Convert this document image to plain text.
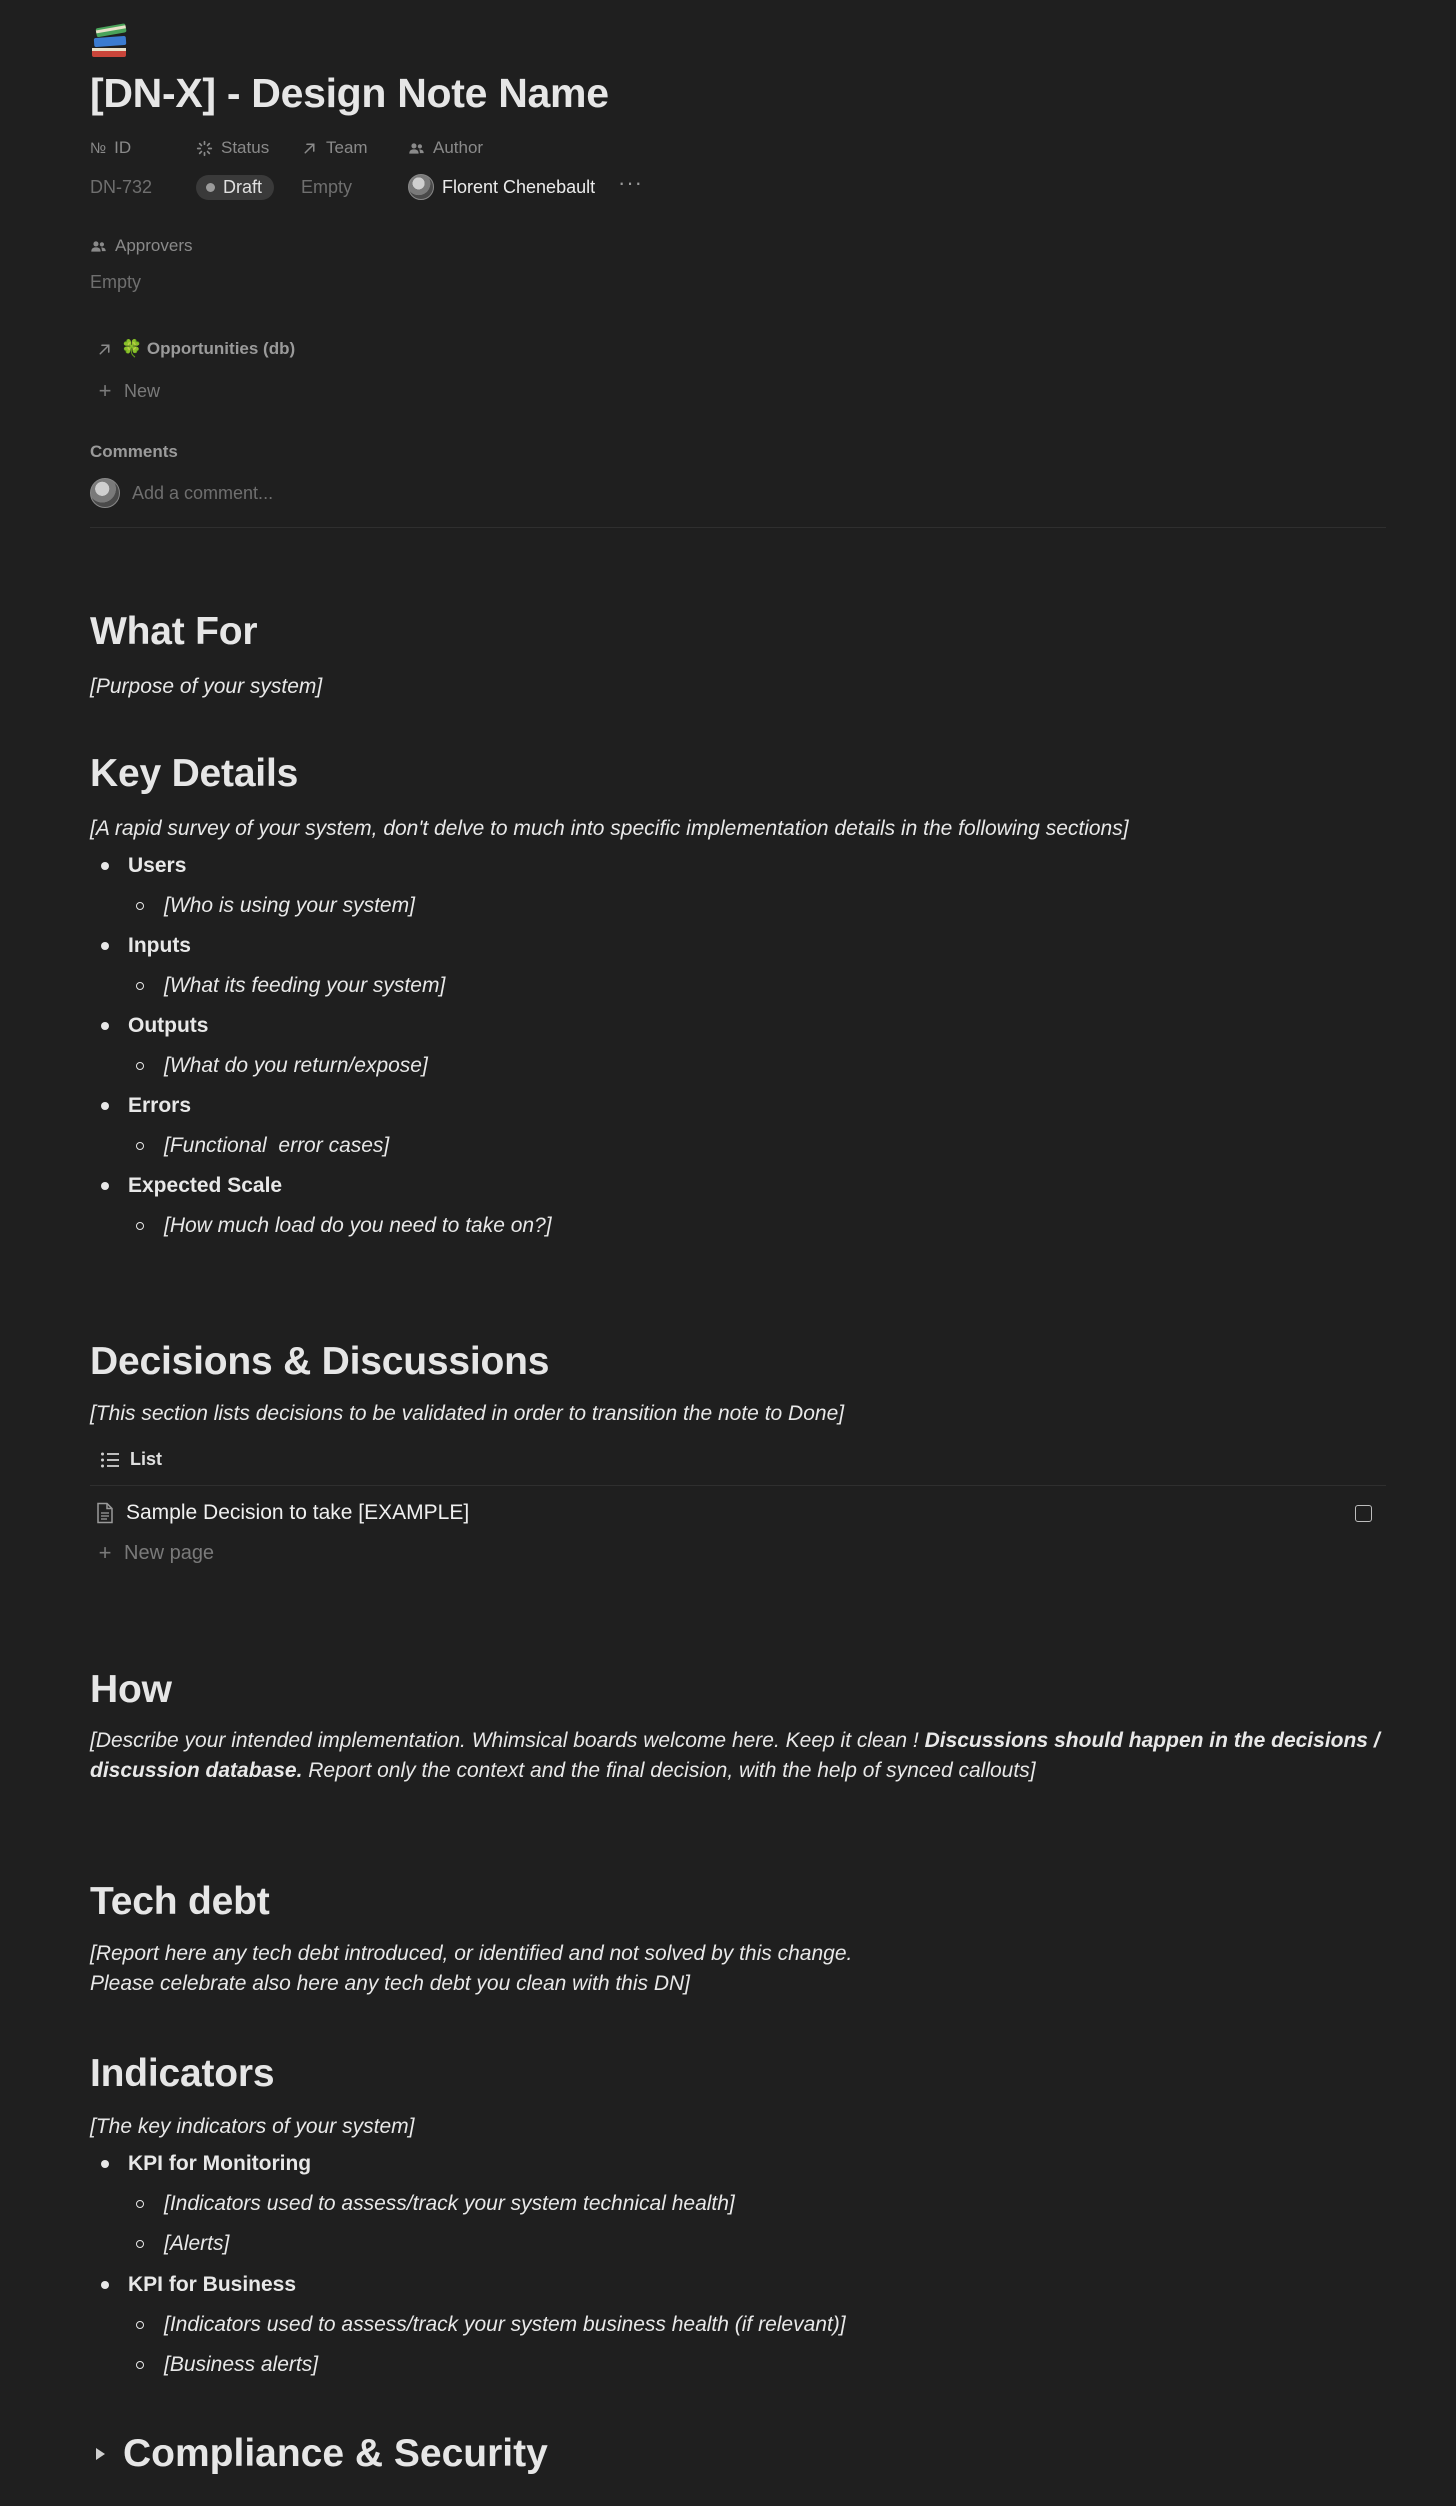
[DN-X] - Design Note Name
№ ID
DN-732
Status
Draft
Team
Empty
Author
Florent Chenebault ···
Approvers
Empty
🍀 Opportunities (db)
+ New
Comments
Add a comment...
What For

[Purpose of your system]

Key Details

[A rapid survey of your system, don't delve to much into specific implementation details in the following sections]

Users
[Who is using your system]
Inputs
[What its feeding your system]
Outputs
[What do you return/expose]
Errors
[Functional  error cases]
Expected Scale
[How much load do you need to take on?]
Decisions & Discussions

[This section lists decisions to be validated in order to transition the note to Done]

List
Sample Decision to take [EXAMPLE]
+ New page
How

[Describe your intended implementation. Whimsical boards welcome here. Keep it clean ! Discussions should happen in the decisions / discussion database. Report only the context and the final decision, with the help of synced callouts]

Tech debt

[Report here any tech debt introduced, or identified and not solved by this change.

Please celebrate also here any tech debt you clean with this DN]

Indicators

[The key indicators of your system]

KPI for Monitoring
[Indicators used to assess/track your system technical health]
[Alerts]
KPI for Business
[Indicators used to assess/track your system business health (if relevant)]
[Business alerts]
Compliance & Security
